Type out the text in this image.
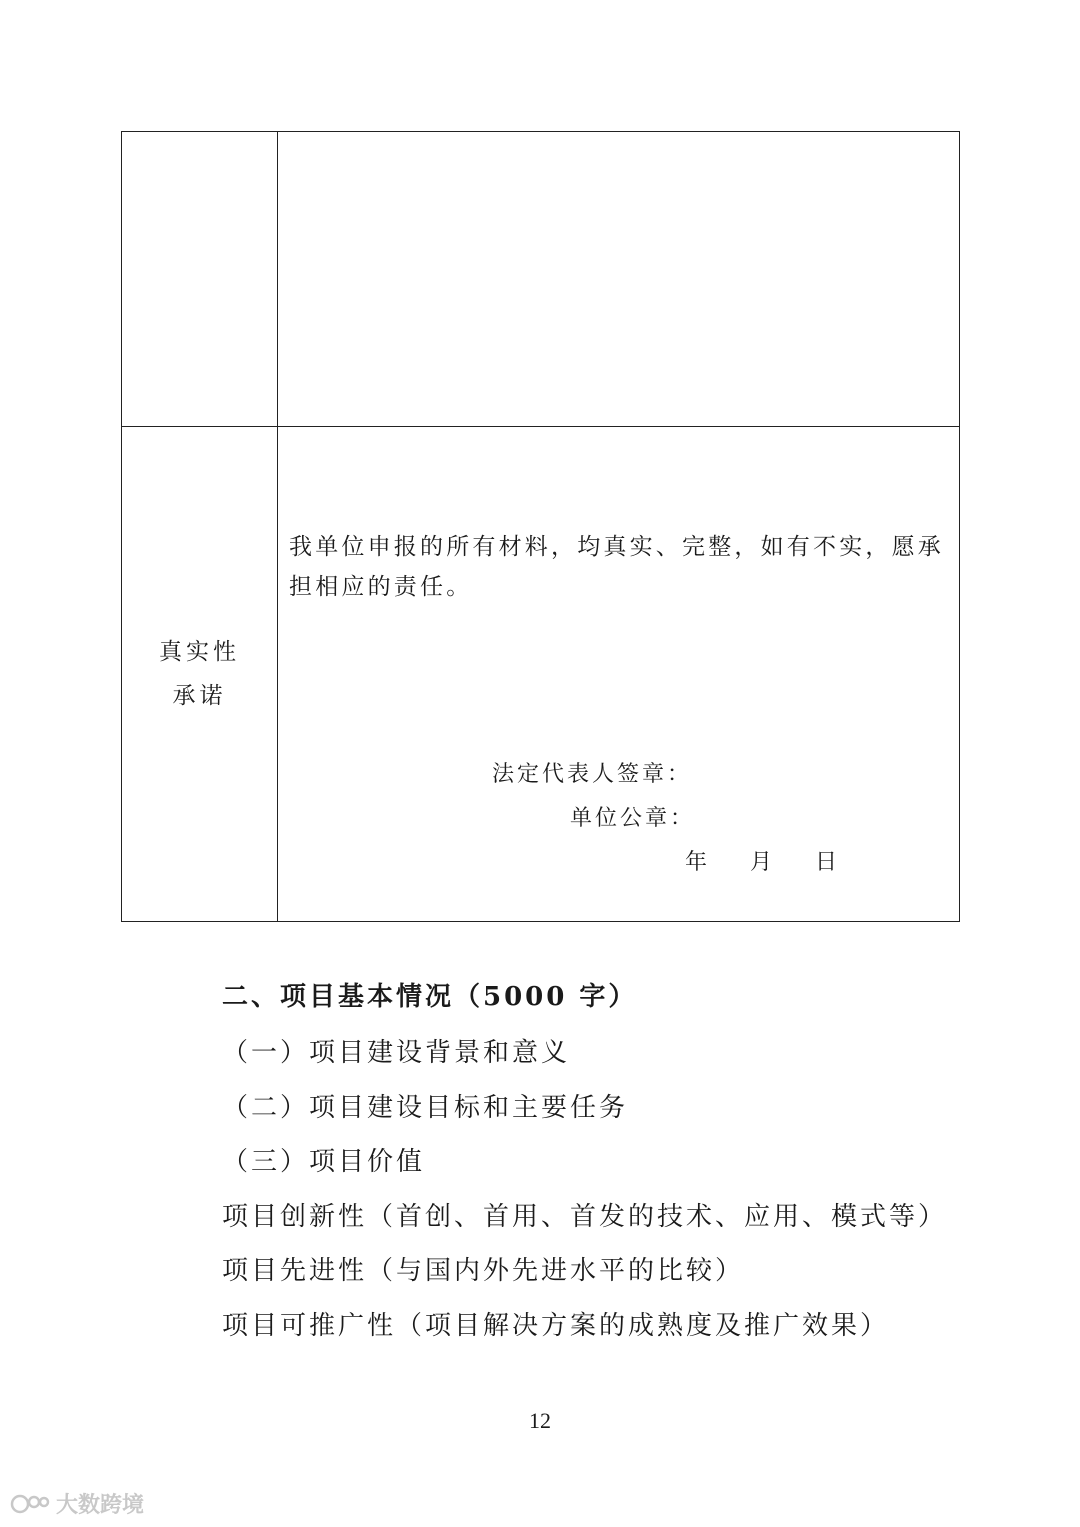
真实性
承诺
我单位申报的所有材料，均真实、完整，如有不实，愿承担相应的责任。
法定代表人签章：
单位公章：
年    月    日
二、项目基本情况（5000 字）
（一）项目建设背景和意义
（二）项目建设目标和主要任务
（三）项目价值
项目创新性（首创、首用、首发的技术、应用、模式等）
项目先进性（与国内外先进水平的比较）
项目可推广性（项目解决方案的成熟度及推广效果）
12
大数跨境
